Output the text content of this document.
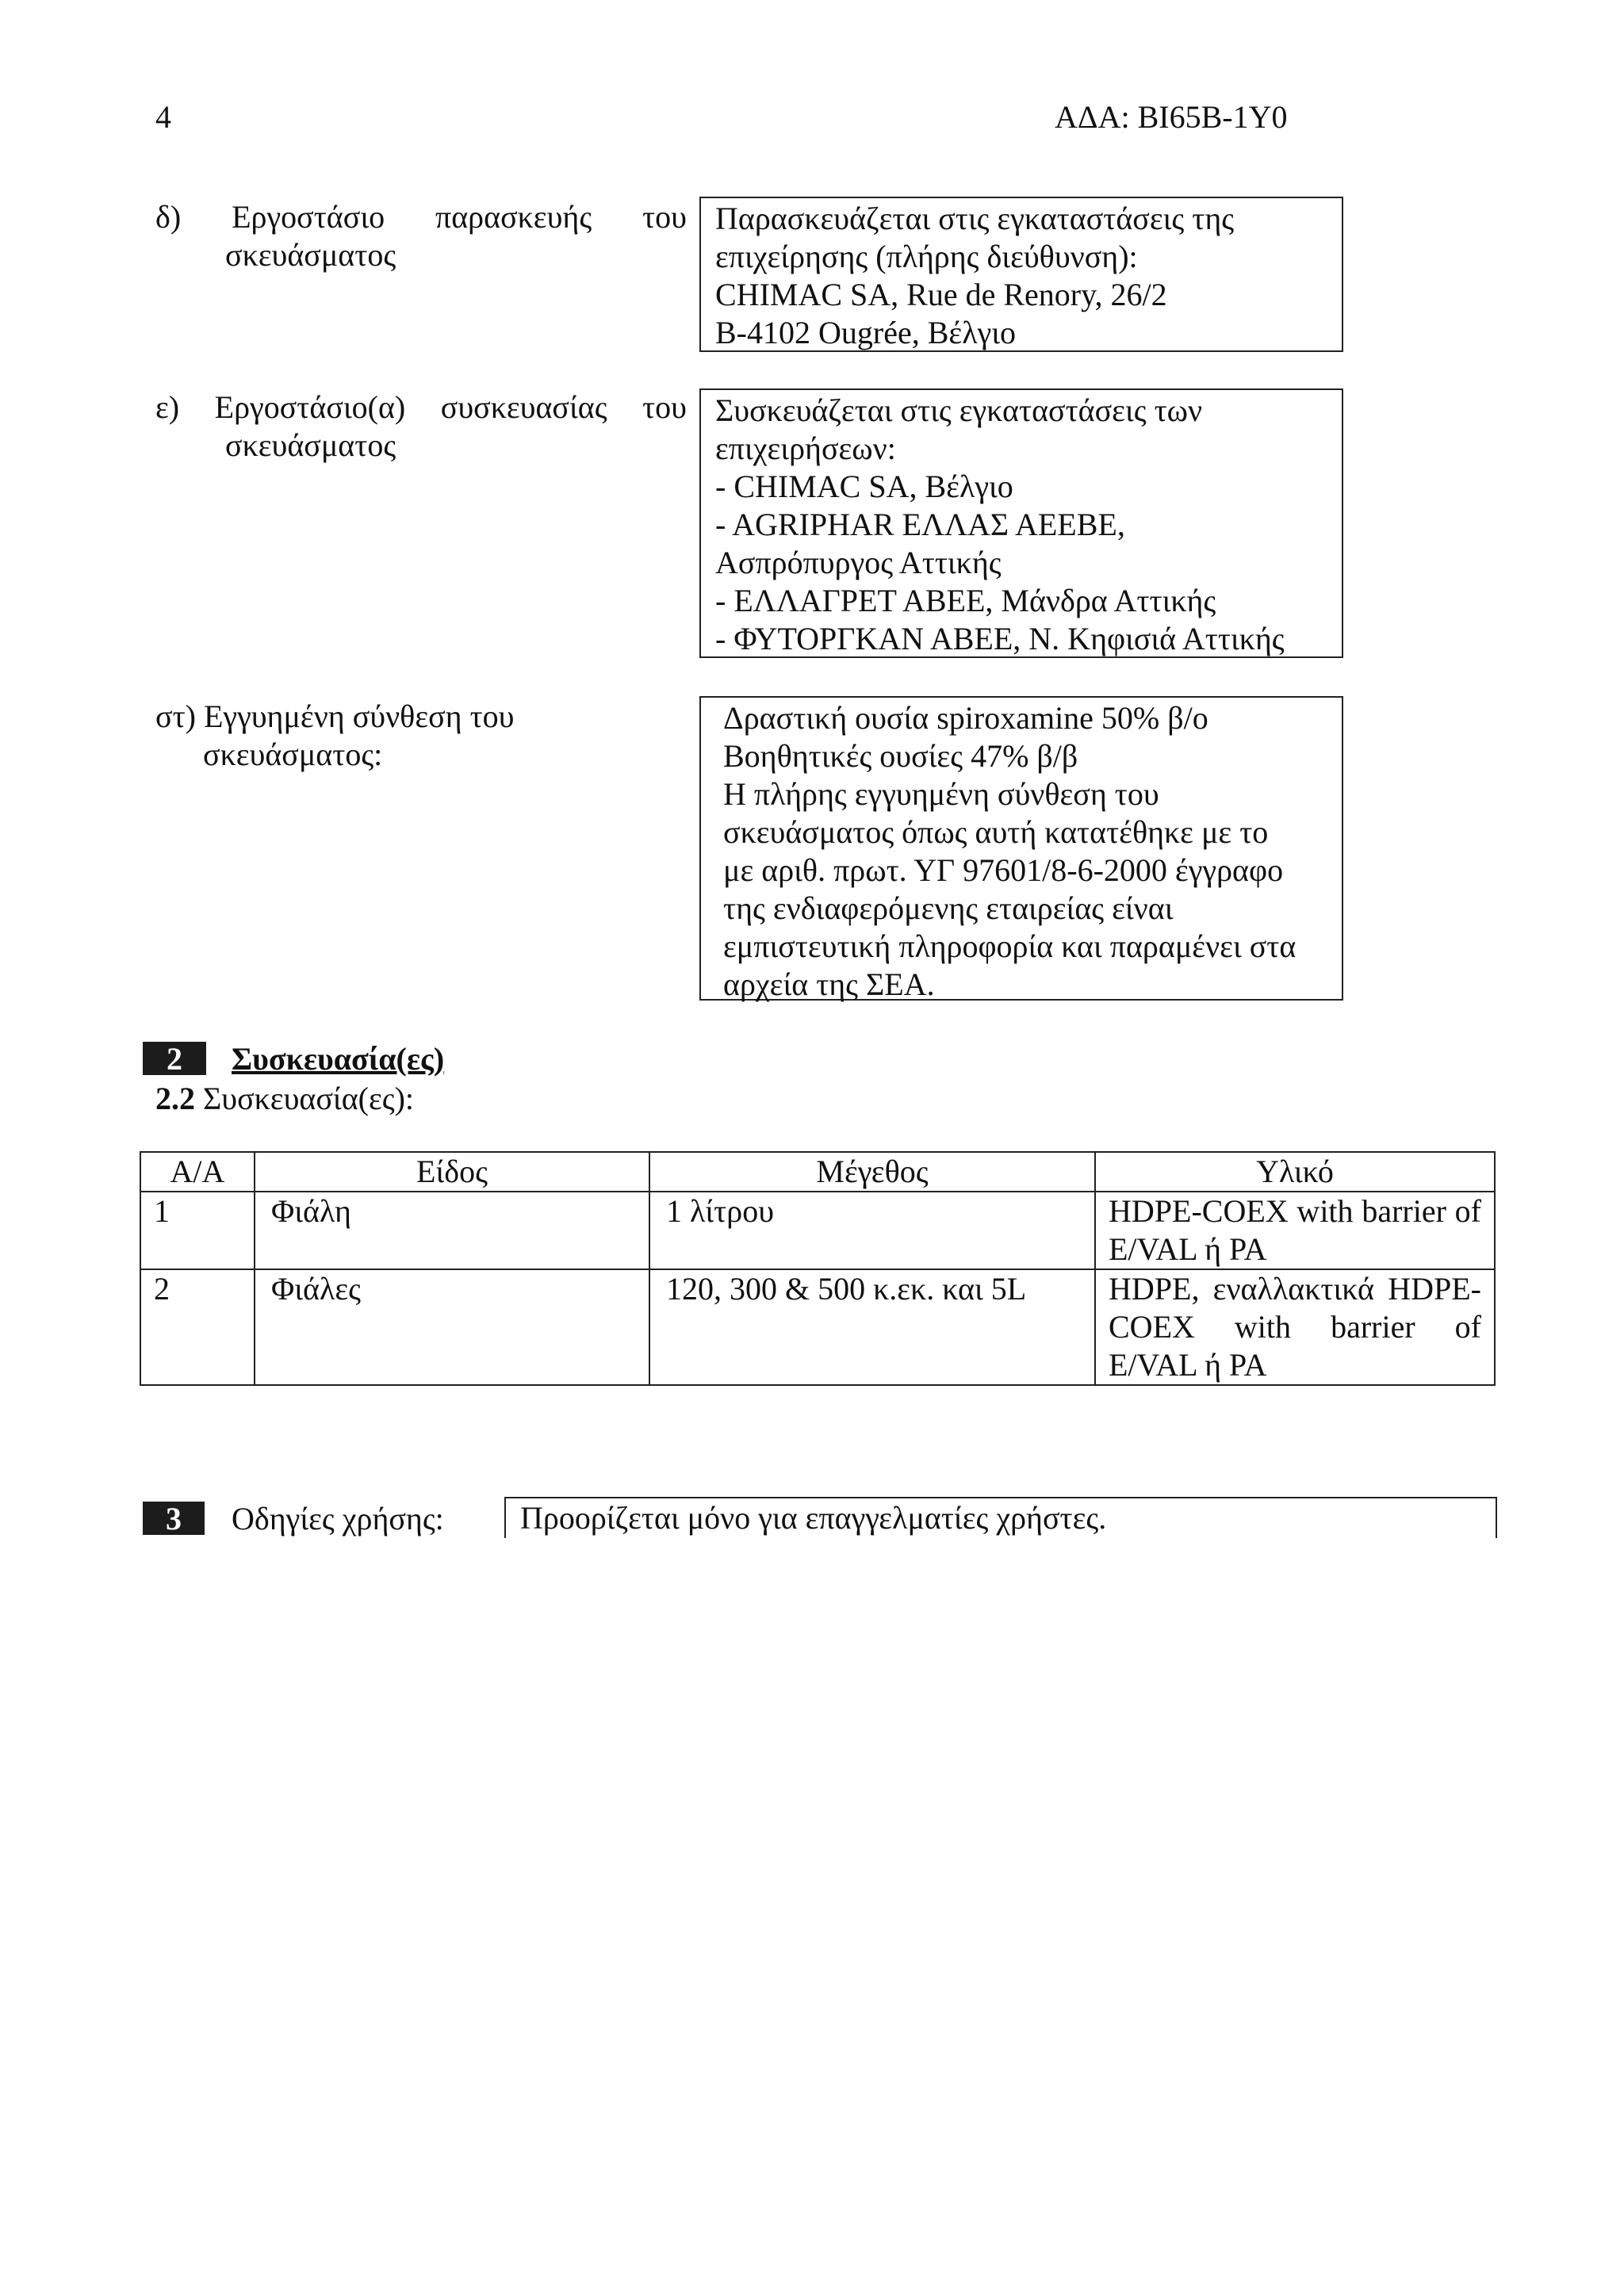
4	ΑΔΑ: ΒΙ65Β-1Υ0
δ) Εργοστάσιο παρασκευής του
σκευάσματος
Παρασκευάζεται στις εγκαταστάσεις της
επιχείρησης (πλήρης διεύθυνση):
CHIMAC SA, Rue de Renory, 26/2
B-4102 Ougrée, Βέλγιο
ε) Εργοστάσιο(α) συσκευασίας του
σκευάσματος
Συσκευάζεται στις εγκαταστάσεις των
επιχειρήσεων:
- CHIMAC SA, Βέλγιο
- AGRIPHAR ΕΛΛΑΣ ΑΕΕΒΕ,
Ασπρόπυργος Αττικής
- ΕΛΛΑΓΡΕΤ ΑΒΕΕ, Μάνδρα Αττικής
- ΦΥΤΟΡΓΚΑΝ ΑΒΕΕ, Ν. Κηφισιά Αττικής
στ) Εγγυημένη σύνθεση του
σκευάσματος:
Δραστική ουσία spiroxamine 50% β/ο
Βοηθητικές ουσίες 47% β/β
Η πλήρης εγγυημένη σύνθεση του
σκευάσματος όπως αυτή κατατέθηκε με το
με αριθ. πρωτ. ΥΓ 97601/8-6-2000 έγγραφο
της ενδιαφερόμενης εταιρείας είναι
εμπιστευτική πληροφορία και παραμένει στα
αρχεία της ΣΕΑ.
2 Συσκευασία(ες)
2.2 Συσκευασία(ες):
Α/Α	Είδος	Μέγεθος	Υλικό
1	Φιάλη	1 λίτρου	HDPE-COEX with barrier of E/VAL ή PA
2	Φιάλες	120, 300 & 500 κ.εκ. και 5L	HDPE, εναλλακτικά HDPE-COEX with barrier of E/VAL ή PA
3 Οδηγίες χρήσης:	Προορίζεται μόνο για επαγγελματίες χρήστες.
